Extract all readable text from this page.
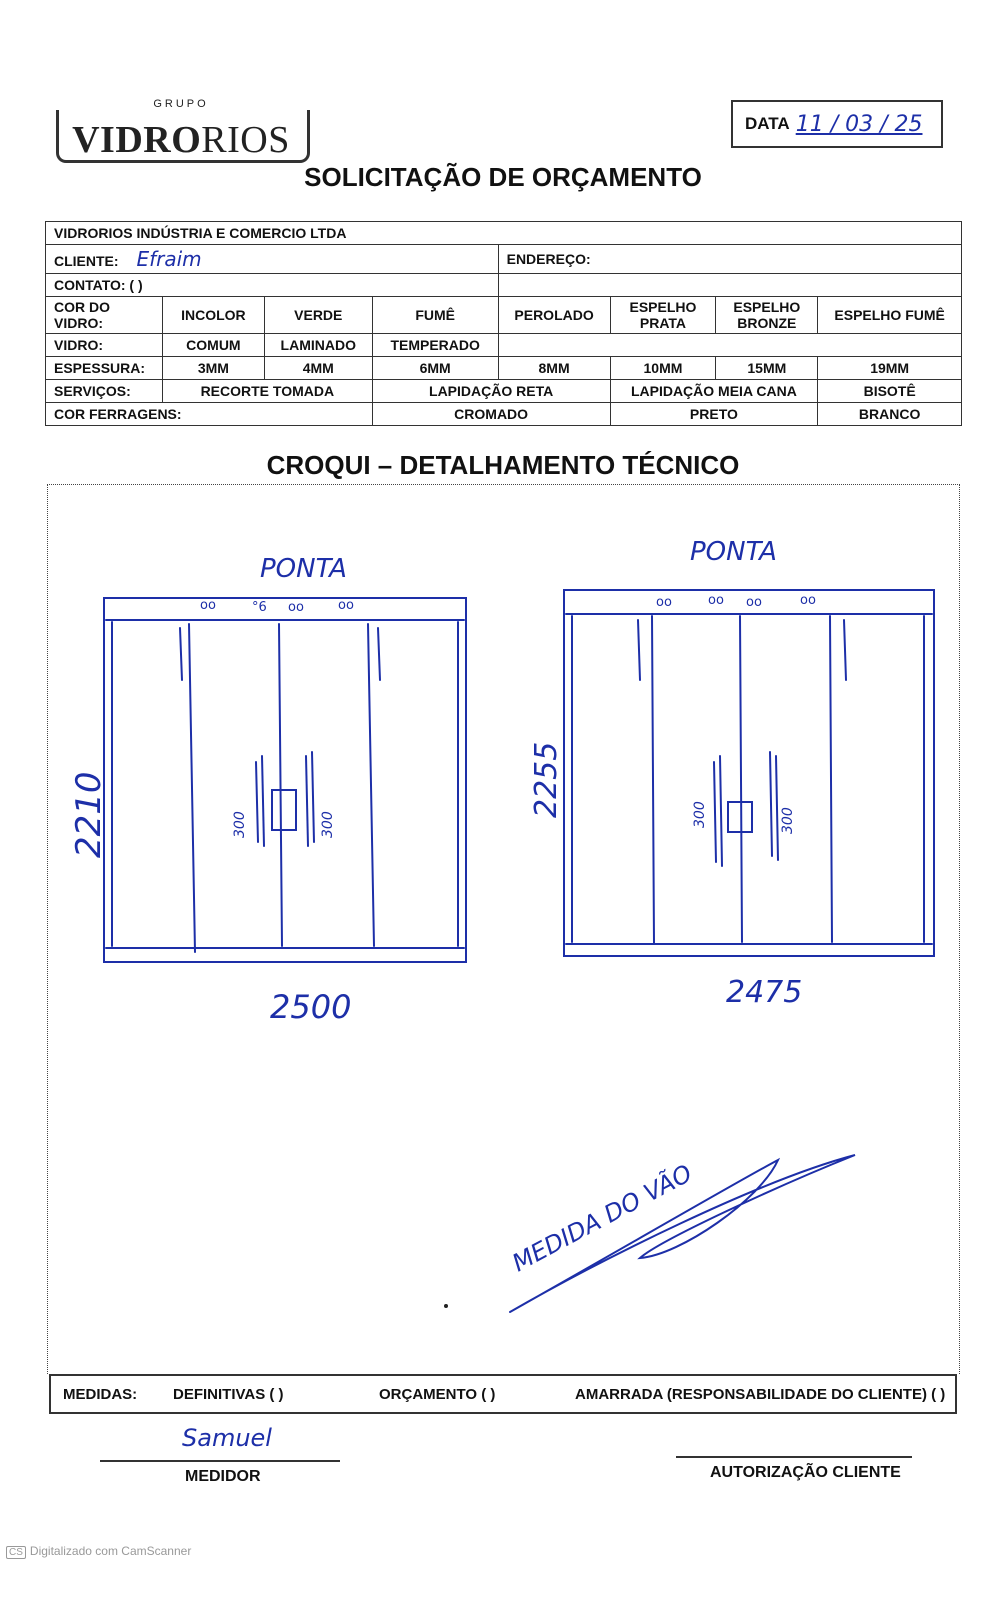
GRUPO
VIDRORIOS	DATA 11 / 03 / 25
SOLICITAÇÃO DE ORÇAMENTO
VIDRORIOS INDÚSTRIA E COMERCIO LTDA							
CLIENTE: Efraim				ENDEREÇO:			
CONTATO: ( )							
COR DO VIDRO:	INCOLOR	VERDE	FUMÊ	PEROLADO	ESPELHO PRATA	ESPELHO BRONZE	ESPELHO FUMÊ
VIDRO:	COMUM	LAMINADO	TEMPERADO				
ESPESSURA:	3MM	4MM	6MM	8MM	10MM	15MM	19MM
SERVIÇOS:	RECORTE TOMADA		LAPIDAÇÃO RETA		LAPIDAÇÃO MEIA CANA		BISOTÊ
COR FERRAGENS:			CROMADO		PRETO		BRANCO
CROQUI – DETALHAMENTO TÉCNICO
oo	°6 oo	oo	oo	oo oo	oo
PONTA
PONTA
2500	2475
2210	2255
300	300	300	300
MEDIDA DO VÃO
MEDIDAS: DEFINITIVAS ( )	ORÇAMENTO ( )	AMARRADA (RESPONSABILIDADE DO CLIENTE) ( )
Samuel
MEDIDOR	AUTORIZAÇÃO CLIENTE
CS Digitalizado com CamScanner
